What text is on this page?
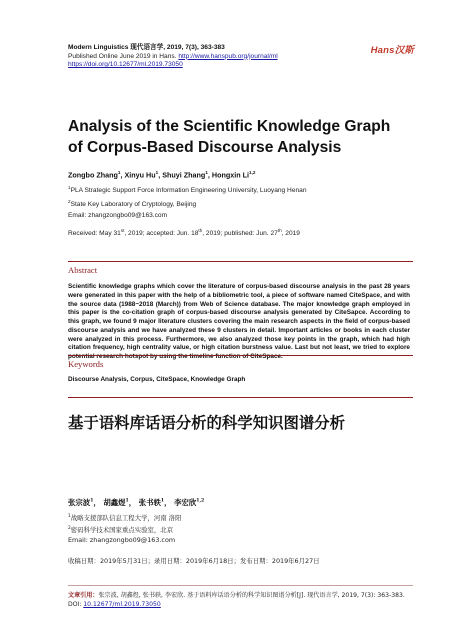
Modern Linguistics 现代语言学, 2019, 7(3), 363-383
Published Online June 2019 in Hans. http://www.hanspub.org/journal/ml
https://doi.org/10.12677/ml.2019.73050
Hans汉斯
Analysis of the Scientific Knowledge Graph of Corpus-Based Discourse Analysis
Zongbo Zhang$^1$, Xinyu Hu$^1$, Shuyi Zhang$^1$, Hongxin Li$^{1,2}$
$^1$PLA Strategic Support Force Information Engineering University, Luoyang Henan
$^2$State Key Laboratory of Cryptology, Beijing
Email: zhangzongbo09@163.com
Received: May 31st, 2019; accepted: Jun. 18th, 2019; published: Jun. 27th, 2019
Abstract
Scientific knowledge graphs which cover the literature of corpus-based discourse analysis in the past 28 years were generated in this paper with the help of a bibliometric tool, a piece of software named CiteSpace, and with the source data (1988~2018 (March)) from Web of Science database. The major knowledge graph employed in this paper is the co-citation graph of corpus-based discourse analysis generated by CiteSapce. According to this graph, we found 9 major literature clusters covering the main research aspects in the field of corpus-based discourse analysis and we have analyzed these 9 clusters in detail. Important articles or books in each cluster were analyzed in this process. Furthermore, we also analyzed those key points in the graph, which had high citation frequency, high centrality value, or high citation burstness value. Last but not least, we tried to explore potential research hotspot by using the timeline function of CiteSpace.
Keywords
Discourse Analysis, Corpus, CiteSpace, Knowledge Graph
基于语料库话语分析的科学知识图谱分析
张宗波$^1$， 胡鑫煜$^1$， 张书轶$^1$， 李宏欣$^{1,2}$
$^1$战略支援部队信息工程大学，河南 洛阳
$^2$密码科学技术国家重点实验室，北京
Email: zhangzongbo09@163.com
收稿日期：2019年5月31日；录用日期：2019年6月18日；发布日期：2019年6月27日
文章引用：张宗波, 胡鑫煜, 张书轶, 李宏欣. 基于语料库话语分析的科学知识图谱分析[J]. 现代语言学, 2019, 7(3): 363-383. DOI: 10.12677/ml.2019.73050
